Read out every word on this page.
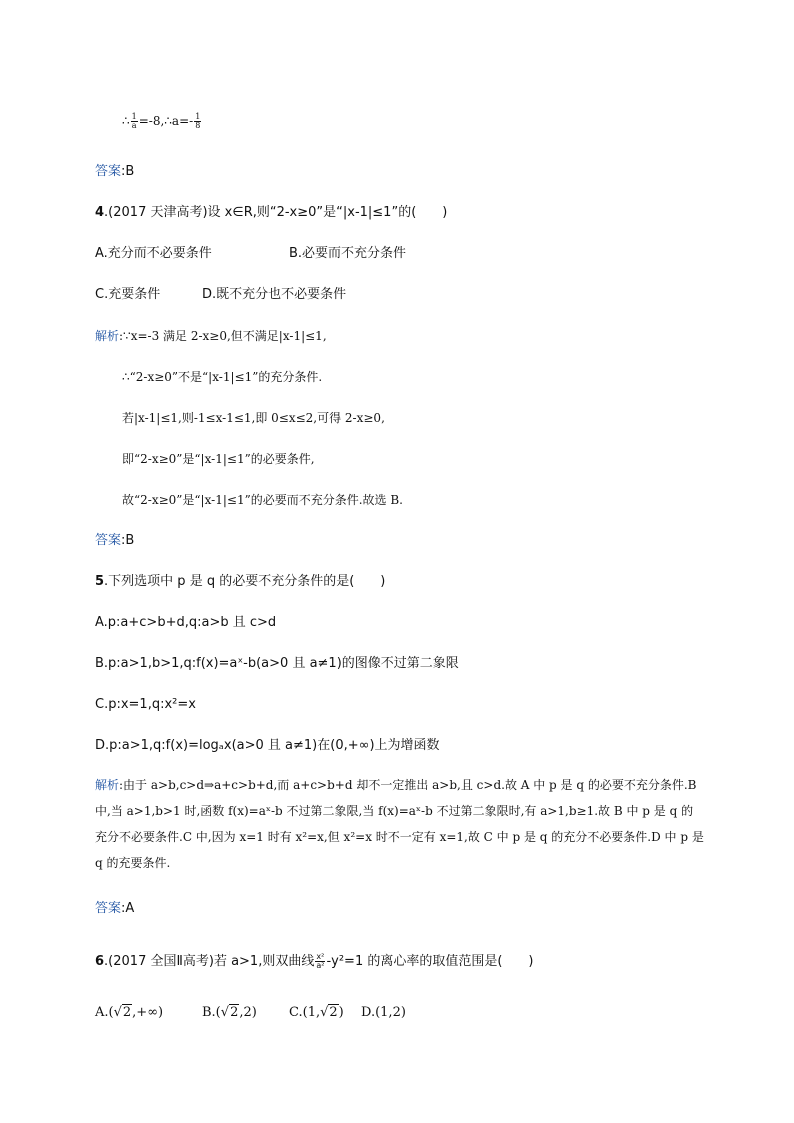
∴ $\frac{1}{a}$ =-8,∴a=- $\frac{1}{8}$
答案:B
4.(2017 天津高考)设 x∈R,则“2-x≥0”是“|x-1|≤1”的(　　)
A.充分而不必要条件	B.必要而不充分条件
C.充要条件	D.既不充分也不必要条件
解析:∵x=-3 满足 2-x≥0,但不满足|x-1|≤1,
∴“2-x≥0”不是“|x-1|≤1”的充分条件.
若|x-1|≤1,则-1≤x-1≤1,即 0≤x≤2,可得 2-x≥0,
即“2-x≥0”是“|x-1|≤1”的必要条件,
故“2-x≥0”是“|x-1|≤1”的必要而不充分条件.故选 B.
答案:B
5.下列选项中 p 是 q 的必要不充分条件的是(　　)
A.p:a+c>b+d,q:a>b 且 c>d
B.p:a>1,b>1,q:f(x)=aˣ-b(a>0 且 a≠1)的图像不过第二象限
C.p:x=1,q:x²=x
D.p:a>1,q:f(x)=logₐx(a>0 且 a≠1)在(0,+∞)上为增函数
解析:由于 a>b,c>d⇒a+c>b+d,而 a+c>b+d 却不一定推出 a>b,且 c>d.故 A 中 p 是 q 的必要不充分条件.B 中,当 a>1,b>1 时,函数 f(x)=aˣ-b 不过第二象限,当 f(x)=aˣ-b 不过第二象限时,有 a>1,b≥1.故 B 中 p 是 q 的充分不必要条件.C 中,因为 x=1 时有 x²=x,但 x²=x 时不一定有 x=1,故 C 中 p 是 q 的充分不必要条件.D 中 p 是 q 的充要条件.
答案:A
6.(2017 全国Ⅱ高考)若 a>1,则双曲线 $\frac{\text{x²}}{\text{a²}} -y^2=1$ 的离心率的取值范围是(　　)
A.(√2,+∞)	B.(√2,2) C.(1,√2) D.(1,2)
